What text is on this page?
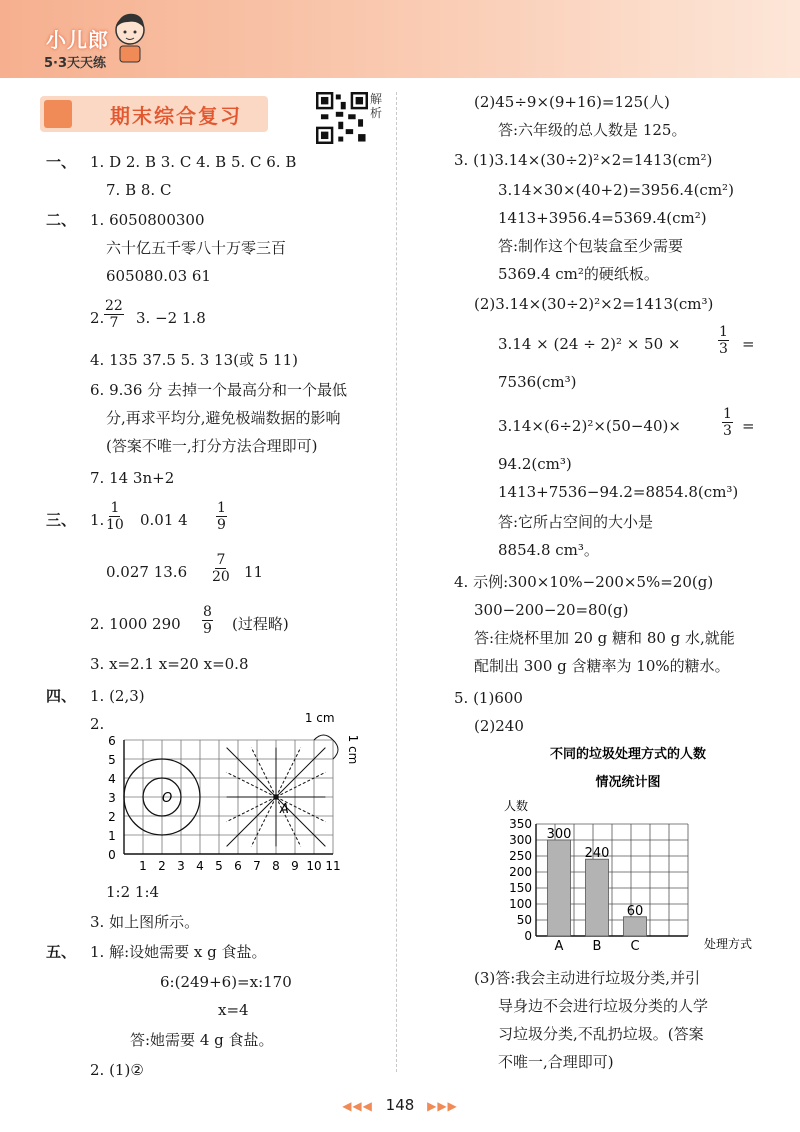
小儿郎
5·3天天练
期末综合复习
解析
一、 1. D 2. B 3. C 4. B 5. C 6. B
7. B 8. C
二、 1. 6050800300
六十亿五千零八十万零三百
605080.03 61
2. $\frac{22}{7} 3$. −2 1.8
4. 135 37.5 5. 3 13(或 5 11)
6. 9.36 分 去掉一个最高分和一个最低
分,再求平均分,避免极端数据的影响
(答案不唯一,打分方法合理即可)
7. 14 3n+2
三、 1. $\frac{1}{10} 0.01$ $4 \frac{1}{9}$
0.027 $13.6 \frac{7}{20} 11$
2. 1000 $290 \frac{8}{9}$ (过程略)
3. x=2.1 x=20 x=0.8
四、 1. (2,3)
2.
0
1
2
3
4
5
6
1 2 3 4 5 6 7 8 9 10 11
O
A
1 cm
1 cm
1:2 1:4
3. 如上图所示。
五、 1. 解:设她需要 x g 食盐。
6:(249+6)=x:170
x=4
答:她需要 4 g 食盐。
2. (1)②
(2)45÷9×(9+16)=125(人)
答:六年级的总人数是 125。
3. (1)3.14×(30÷2)²×2=1413(cm²)
3.14×30×(40+2)=3956.4(cm²)
1413+3956.4=5369.4(cm²)
答:制作这个包装盒至少需要
5369.4 cm²的硬纸板。
(2)3.14×(30÷2)²×2=1413(cm³)
3.14 × (24 ÷ 2)² × 50 ×	$\frac{1}{3}$ =
7536(cm³)
3.14×(6÷2)²×(50−40)×	$\frac{1}{3}$ =
94.2(cm³)
1413+7536−94.2=8854.8(cm³)
答:它所占空间的大小是
8854.8 cm³。
4. 示例:300×10%−200×5%=20(g)
300−200−20=80(g)
答:往烧杯里加 20 g 糖和 80 g 水,就能
配制出 300 g 含糖率为 10%的糖水。
5. (1)600
(2)240
不同的垃圾处理方式的人数
情况统计图
人数
处理方式
0
50
100
150
200
250
300
350
300
A
240
B
60
C
(3)答:我会主动进行垃圾分类,并引
导身边不会进行垃圾分类的人学
习垃圾分类,不乱扔垃圾。(答案
不唯一,合理即可)
◀◀◀ 148 ▶▶▶
